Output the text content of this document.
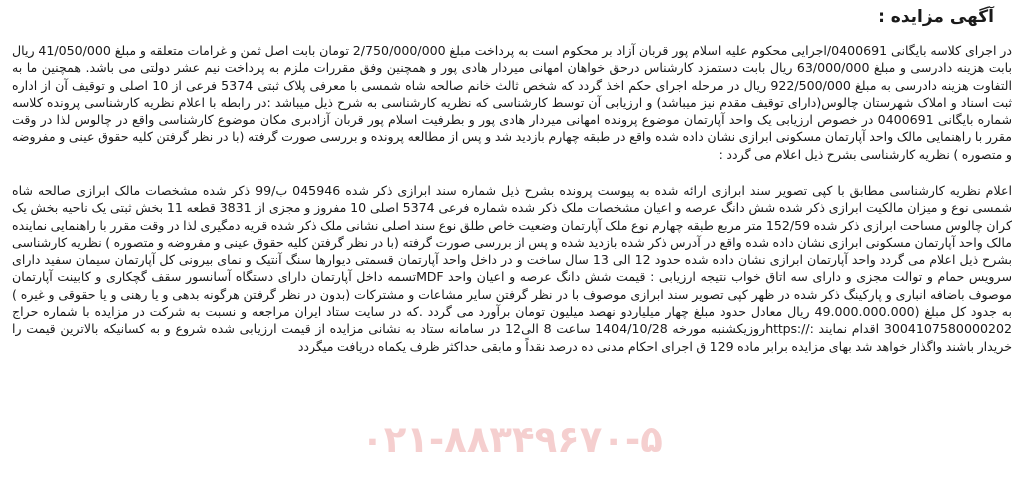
آگهی مزایده :
در اجرای کلاسه بایگانی 0400691/اجرایی محکوم علیه اسلام پور قربان آزاد بر محکوم است به پرداخت مبلغ 2/750/000/000 تومان بابت اصل ثمن و غرامات متعلقه و مبلغ 41/050/000 ریال بابت هزینه دادرسی و مبلغ 63/000/000 ریال بابت دستمزد کارشناس درحق خواهان امهانی میردار هادی پور و همچنین وفق مقررات ملزم به پرداخت نیم عشر دولتی می باشد. همچنین ما به التفاوت هزینه دادرسی به مبلغ 922/500/000 ریال در مرحله اجرای حکم اخذ گردد که شخص ثالث خانم صالحه شاه شمسی با معرفی پلاک ثبتی 5374 فرعی از 10 اصلی و توقیف آن از اداره ثبت اسناد و املاک شهرستان چالوس(دارای توقیف مقدم نیز میباشد) و ارزیابی آن توسط کارشناسی که نظریه کارشناسی به شرح ذیل میباشد :در رابطه با اعلام نظریه کارشناسی پرونده کلاسه شماره بایگانی 0400691 در خصوص ارزیابی یک واحد آپارتمان موضوع پرونده امهانی میردار هادی پور و بطرفیت اسلام پور قربان آزادبری مکان موضوع کارشناسی واقع در چالوس لذا در وقت مقرر با راهنمایی مالک واحد آپارتمان مسکونی ابرازی نشان داده شده واقع در طبقه چهارم بازدید شد و پس از مطالعه پرونده و بررسی صورت گرفته (با در نظر گرفتن کلیه حقوق عینی و مفروضه و متصوره ) نظریه کارشناسی بشرح ذیل اعلام می گردد :
اعلام نظریه کارشناسی مطابق با کپی تصویر سند ابرازی ارائه شده به پیوست پرونده بشرح ذیل شماره سند ابرازی ذکر شده 045946 ب/99 ذکر شده مشخصات مالک ابرازی صالحه شاه شمسی نوع و میزان مالکیت ابرازی ذکر شده شش دانگ عرصه و اعیان مشخصات ملک ذکر شده شماره فرعی 5374 اصلی 10 مفروز و مجزی از 3831 قطعه 11 بخش ثبتی یک ناحیه بخش یک کران چالوس مساحت ابرازی ذکر شده 152/59 متر مربع طبقه چهارم نوع ملک آپارتمان وضعیت خاص طلق نوع سند اصلی نشانی ملک ذکر شده قریه دمگیری لذا در وقت مقرر با راهنمایی نماینده مالک واحد آپارتمان مسکونی ابرازی نشان داده شده واقع در آدرس ذکر شده بازدید شده و پس از بررسی صورت گرفته (با در نظر گرفتن کلیه حقوق عینی و مفروضه و متصوره ) نظریه کارشناسی بشرح ذیل اعلام می گردد واحد آپارتمان ابرازی نشان داده شده حدود 12 الی 13 سال ساخت و در داخل واحد آپارتمان قسمتی دیوارها سنگ آنتیک و نمای بیرونی کل آپارتمان سیمان سفید دارای سرویس حمام و توالت مجزی و دارای سه اتاق خواب نتیجه ارزیابی : قیمت شش دانگ عرصه و اعیان واحد MDFتسمه داخل آپارتمان دارای دستگاه آسانسور سقف گچکاری و کابینت آپارتمان موصوف باضافه انباری و پارکینگ ذکر شده در ظهر کپی تصویر سند ابرازی موصوف با در نظر گرفتن سایر مشاعات و مشترکات (بدون در نظر گرفتن هرگونه بدهی و یا رهنی و یا حقوقی و غیره ) به جدود کل مبلغ (49.000.000.000 ریال معادل حدود مبلغ چهار میلیاردو نهصد میلیون تومان برآورد می گردد .که در سایت ستاد ایران مراجعه و نسبت به شرکت در مزایده با شماره حراج 3004107580000202 اقدام نمایند ://:httpsروزیکشنبه مورخه 1404/10/28 ساعت 8 الی12 در سامانه ستاد به نشانی مزایده از قیمت ارزیابی شده شروع و به کسانیکه بالاترین قیمت را خریدار باشند واگذار خواهد شد بهای مزایده برابر ماده 129 ق اجرای احکام مدنی ده درصد نقداً و مابقی حداکثر ظرف یکماه دریافت میگردد
۰۲۱-۸۸۳۴۹۶۷۰-۵
